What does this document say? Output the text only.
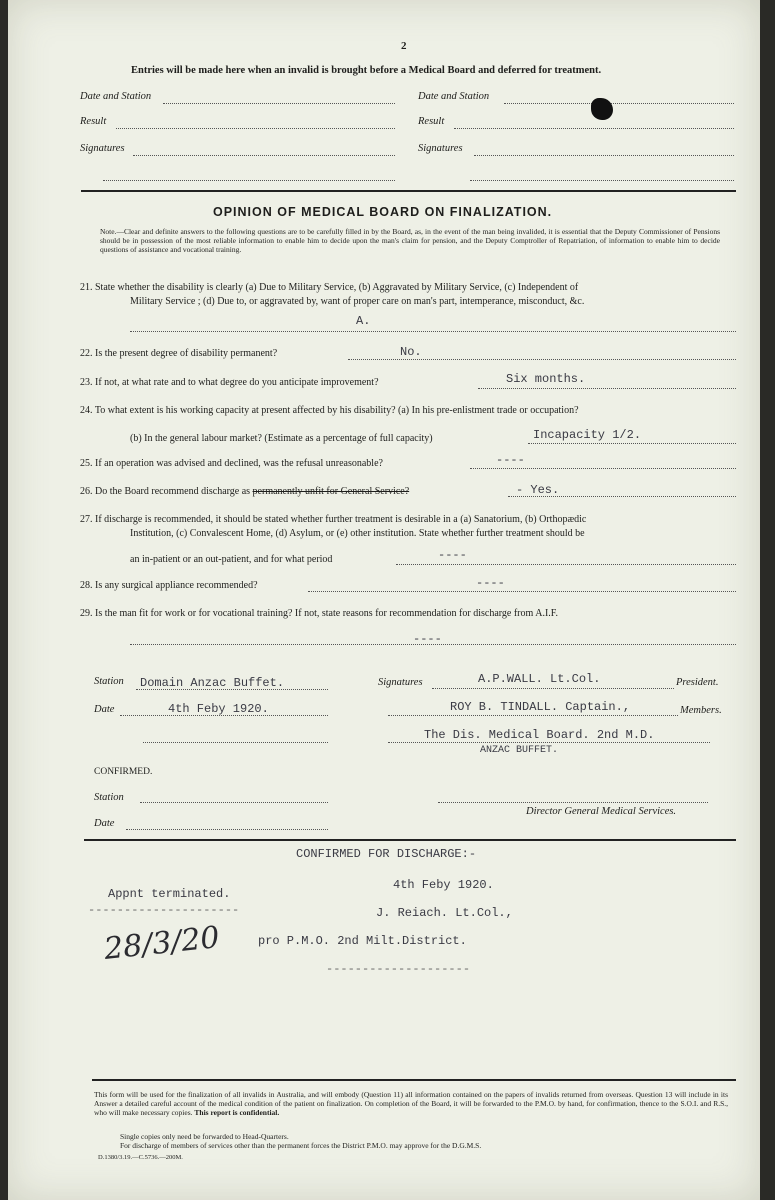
2
Entries will be made here when an invalid is brought before a Medical Board and deferred for treatment.
Date and Station
Result
Signatures
Date and Station
Result
Signatures
OPINION OF MEDICAL BOARD ON FINALIZATION.
Note.—Clear and definite answers to the following questions are to be carefully filled in by the Board, as, in the event of the man being invalided, it is essential that the Deputy Commissioner of Pensions should be in possession of the most reliable information to enable him to decide upon the man's claim for pension, and the Deputy Comptroller of Repatriation, of information to enable him to decide questions of assistance and vocational training.
21. State whether the disability is clearly (a) Due to Military Service, (b) Aggravated by Military Service, (c) Independent of
Military Service ; (d) Due to, or aggravated by, want of proper care on man's part, intemperance, misconduct, &c.
A.
22. Is the present degree of disability permanent?	No.
23. If not, at what rate and to what degree do you anticipate improvement?	Six months.
24. To what extent is his working capacity at present affected by his disability? (a) In his pre-enlistment trade or occupation?
(b) In the general labour market? (Estimate as a percentage of full capacity)	Incapacity 1/2.
25. If an operation was advised and declined, was the refusal unreasonable?	----
26. Do the Board recommend discharge as permanently unfit for General Service?	- Yes.
27. If discharge is recommended, it should be stated whether further treatment is desirable in a (a) Sanatorium, (b) Orthopædic
Institution, (c) Convalescent Home, (d) Asylum, or (e) other institution. State whether further treatment should be
an in-patient or an out-patient, and for what period	----
28. Is any surgical appliance recommended?	----
29. Is the man fit for work or for vocational training? If not, state reasons for recommendation for discharge from A.I.F.
----
Station Domain Anzac Buffet.
Date	4th Feby 1920.
Signatures	A.P.WALL. Lt.Col.	President.
ROY B. TINDALL. Captain.,	Members.
The Dis. Medical Board. 2nd M.D.
ANZAC BUFFET.
CONFIRMED.
Station
Director General Medical Services.
Date
CONFIRMED FOR DISCHARGE:-
4th Feby 1920.
J. Reiach. Lt.Col.,
pro P.M.O. 2nd Milt.District.
--------------------
Appnt terminated.
---------------------
28/3/20
This form will be used for the finalization of all invalids in Australia, and will embody (Question 11) all information contained on the papers of invalids returned from overseas. Question 13 will include in its Answer a detailed careful account of the medical condition of the patient on finalization. On completion of the Board, it will be forwarded to the P.M.O. by hand, for confirmation, thence to the S.O.I. and R.S., who will make necessary copies. This report is confidential.
Single copies only need be forwarded to Head-Quarters.
For discharge of members of services other than the permanent forces the District P.M.O. may approve for the D.G.M.S.
D.1380/3.19.—C.5736.—200M.
